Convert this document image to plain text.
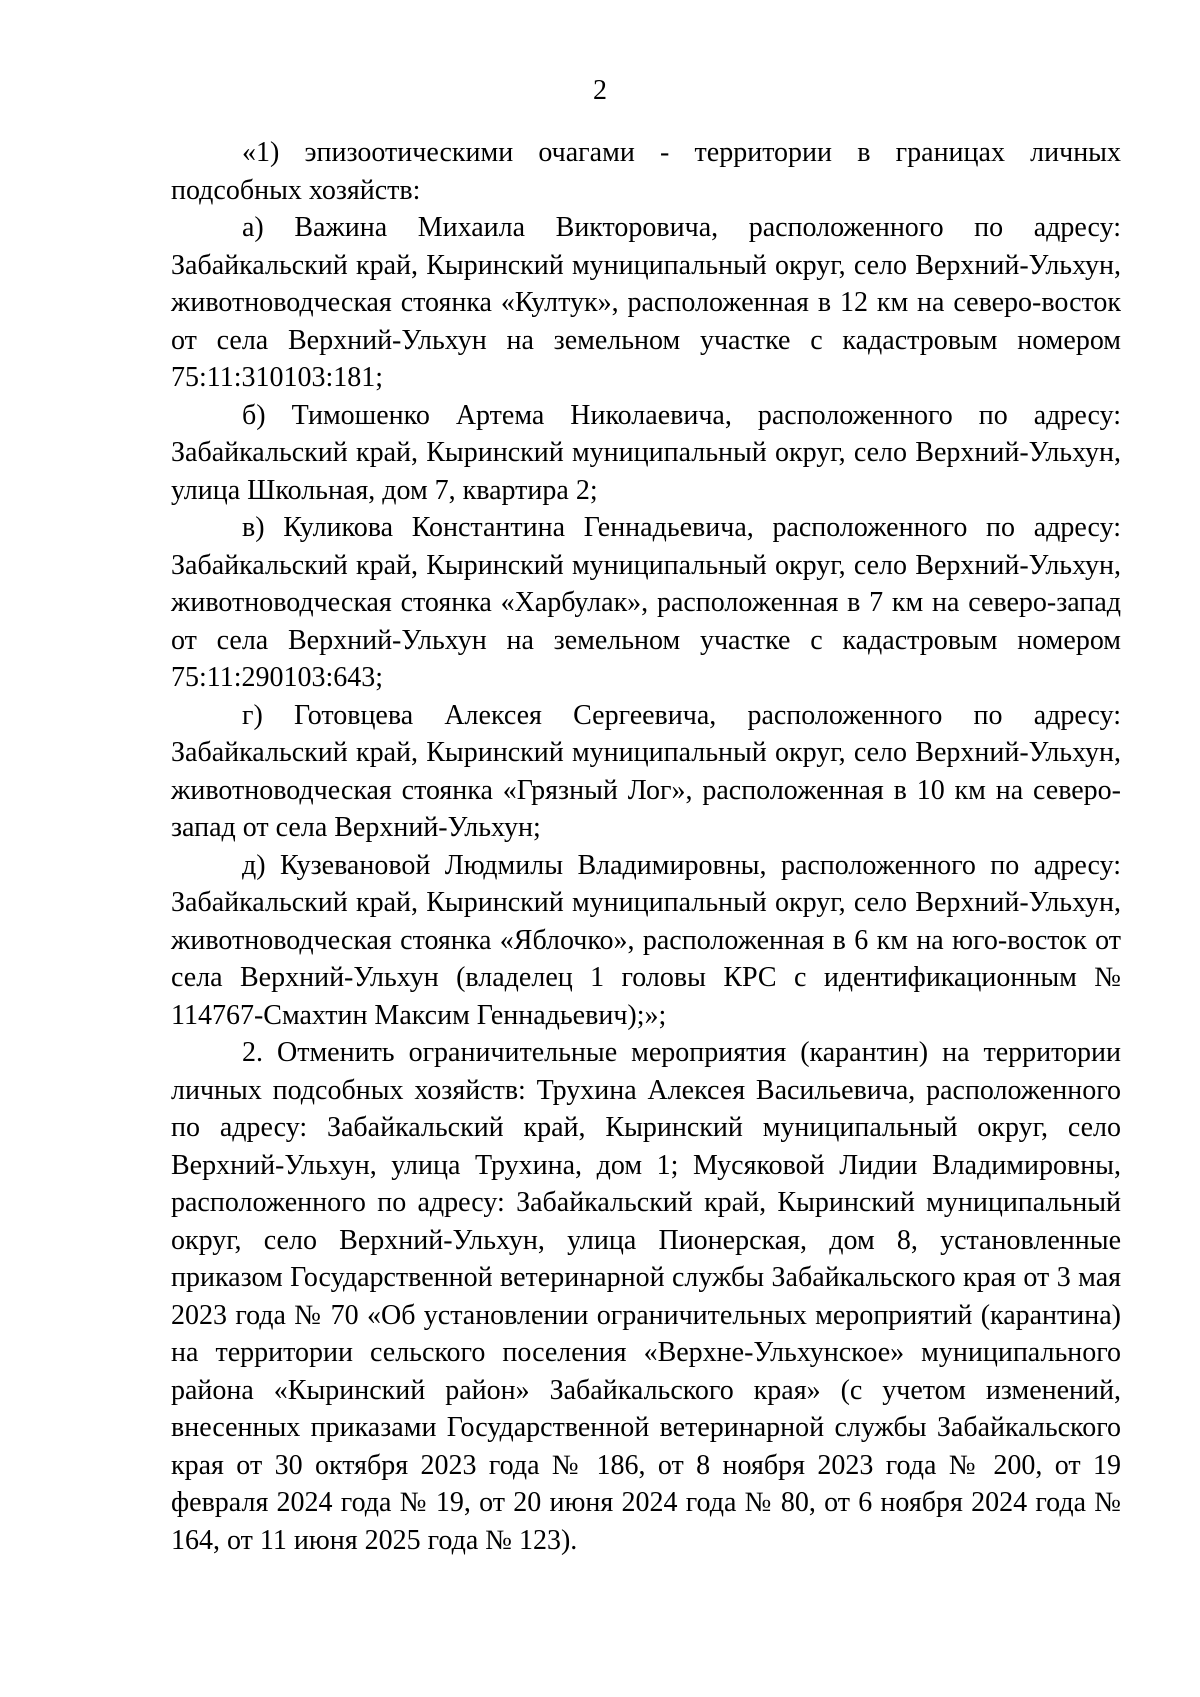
2

«1) эпизоотическими очагами - территории в границах личных подсобных хозяйств:

а) Важина Михаила Викторовича, расположенного по адресу: Забайкальский край, Кыринский муниципальный округ, село Верхний-Ульхун, животноводческая стоянка «Култук», расположенная в 12 км на северо-восток от села Верхний-Ульхун на земельном участке с кадастровым номером 75:11:310103:181;

б) Тимошенко Артема Николаевича, расположенного по адресу: Забайкальский край, Кыринский муниципальный округ, село Верхний-Ульхун, улица Школьная, дом 7, квартира 2;

в) Куликова Константина Геннадьевича, расположенного по адресу: Забайкальский край, Кыринский муниципальный округ, село Верхний-Ульхун, животноводческая стоянка «Харбулак», расположенная в 7 км на северо-запад от села Верхний-Ульхун на земельном участке с кадастровым номером 75:11:290103:643;

г) Готовцева Алексея Сергеевича, расположенного по адресу: Забайкальский край, Кыринский муниципальный округ, село Верхний-Ульхун, животноводческая стоянка «Грязный Лог», расположенная в 10 км на северо-запад от села Верхний-Ульхун;

д) Кузевановой Людмилы Владимировны, расположенного по адресу: Забайкальский край, Кыринский муниципальный округ, село Верхний-Ульхун, животноводческая стоянка «Яблочко», расположенная в 6 км на юго-восток от села Верхний-Ульхун (владелец 1 головы КРС с идентификационным № 114767-Смахтин Максим Геннадьевич);»;

2. Отменить ограничительные мероприятия (карантин) на территории личных подсобных хозяйств: Трухина Алексея Васильевича, расположенного по адресу: Забайкальский край, Кыринский муниципальный округ, село Верхний-Ульхун, улица Трухина, дом 1; Мусяковой Лидии Владимировны, расположенного по адресу: Забайкальский край, Кыринский муниципальный округ, село Верхний-Ульхун, улица Пионерская, дом 8, установленные приказом Государственной ветеринарной службы Забайкальского края от 3 мая 2023 года № 70 «Об установлении ограничительных мероприятий (карантина) на территории сельского поселения «Верхне-Ульхунское» муниципального района «Кыринский район» Забайкальского края» (с учетом изменений, внесенных приказами Государственной ветеринарной службы Забайкальского края от 30 октября 2023 года № 186, от 8 ноября 2023 года № 200, от 19 февраля 2024 года № 19, от 20 июня 2024 года № 80, от 6 ноября 2024 года № 164, от 11 июня 2025 года № 123).
